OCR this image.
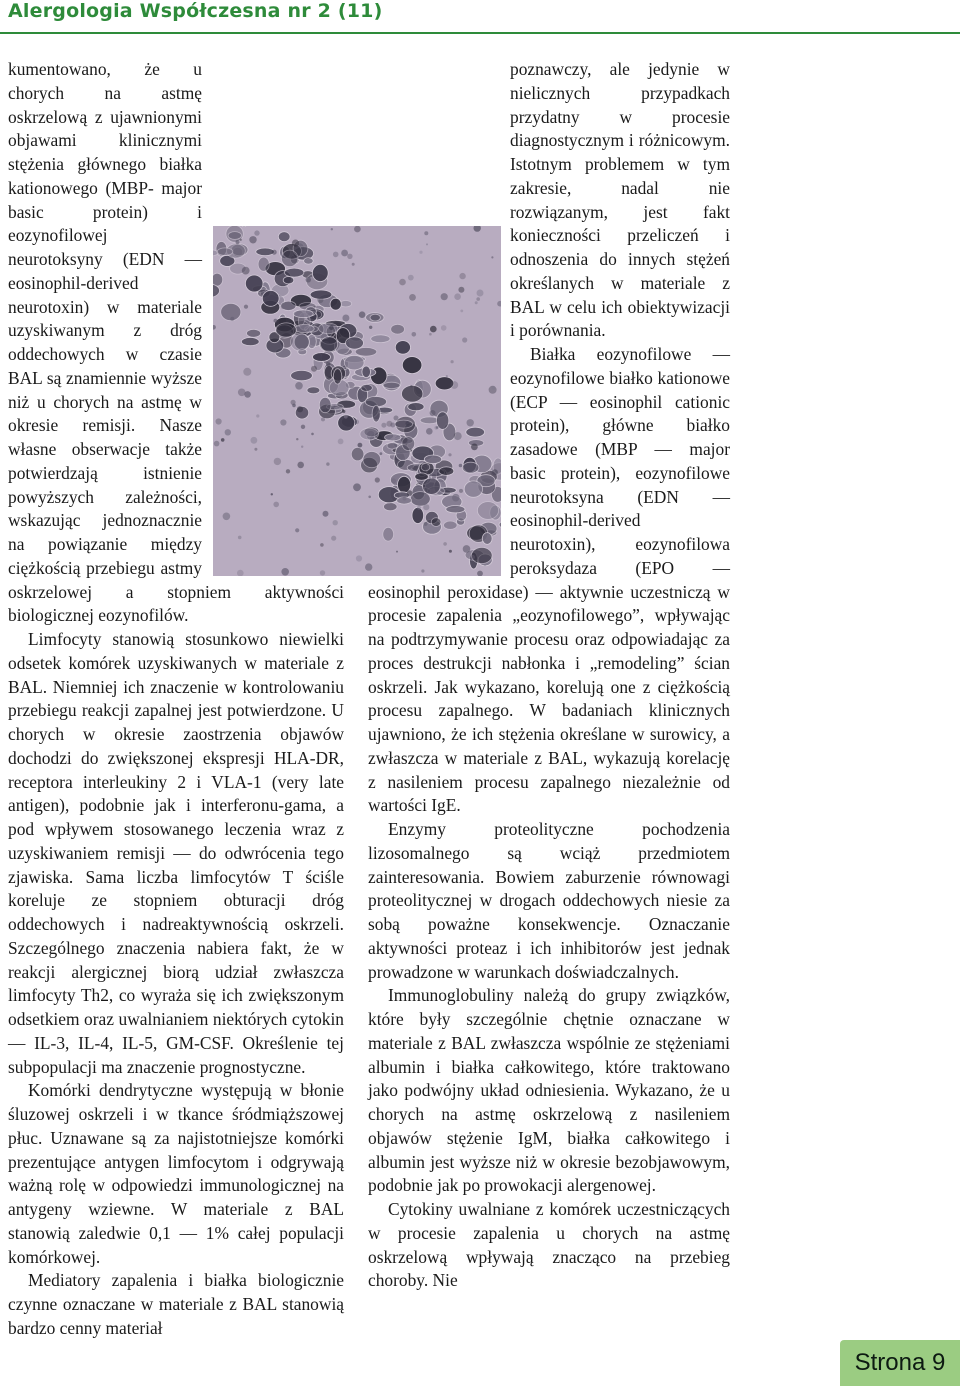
Alergologia Współczesna nr 2 (11)

kumentowano, że u chorych na astmę oskrzelową z ujawnionymi objawami klinicznymi stężenia głównego białka kationowego (MBP- major basic protein) i eozynofilowej neurotoksyny (EDN — eosinophil-derived neurotoxin) w materiale uzyskiwanym z dróg oddechowych w czasie BAL są znamiennie wyższe niż u chorych na astmę w okresie remisji. Nasze własne obserwacje także potwierdzają istnienie powyższych zależności, wskazując jednoznacznie na powiązanie między ciężkością przebiegu astmy oskrzelowej a stopniem aktywności biologicznej eozynofilów.

Limfocyty stanowią stosunkowo niewielki odsetek komórek uzyskiwanych w materiale z BAL. Niemniej ich znaczenie w kontrolowaniu przebiegu reakcji zapalnej jest potwierdzone. U chorych w okresie zaostrzenia objawów dochodzi do zwiększonej ekspresji HLA-DR, receptora interleukiny 2 i VLA-1 (very late antigen), podobnie jak i interferonu-gama, a pod wpływem stosowanego leczenia wraz z uzyskiwaniem remisji — do odwrócenia tego zjawiska. Sama liczba limfocytów T ściśle koreluje ze stopniem obturacji dróg oddechowych i nadreaktywnością oskrzeli. Szczególnego znaczenia nabiera fakt, że w reakcji alergicznej biorą udział zwłaszcza limfocyty Th2, co wyraża się ich zwiększonym odsetkiem oraz uwalnianiem niektórych cytokin — IL-3, IL-4, IL-5, GM-CSF. Określenie tej subpopulacji ma znaczenie prognostyczne.

Komórki dendrytyczne występują w błonie śluzowej oskrzeli i w tkance śródmiąższowej płuc. Uznawane są za najistotniejsze komórki prezentujące antygen limfocytom i odgrywają ważną rolę w odpowiedzi immunologicznej na antygeny wziewne. W materiale z BAL stanowią zaledwie 0,1 — 1% całej populacji komórkowej.

Mediatory zapalenia i białka biologicznie czynne oznaczane w materiale z BAL stanowią bardzo cenny materiał

poznawczy, ale jedynie w nielicznych przypadkach przydatny w procesie diagnostycznym i różnicowym. Istotnym problemem w tym zakresie, nadal nie rozwiązanym, jest fakt konieczności przeliczeń i odnoszenia do innych stężeń określanych w materiale z BAL w celu ich obiektywizacji i porównania.

Białka eozynofilowe — eozynofilowe białko kationowe (ECP — eosinophil cationic protein), główne białko zasadowe (MBP — major basic protein), eozynofilowe neurotoksyna (EDN — eosinophil-derived neurotoxin), eozynofilowa peroksydaza (EPO — eosinophil peroxidase) — aktywnie uczestniczą w procesie zapalenia „eozynofilowego”, wpływając na podtrzymywanie procesu oraz odpowiadając za proces destrukcji nabłonka i „remodeling” ścian oskrzeli. Jak wykazano, korelują one z ciężkością procesu zapalnego. W badaniach klinicznych ujawniono, że ich stężenia określane w surowicy, a zwłaszcza w materiale z BAL, wykazują korelację z nasileniem procesu zapalnego niezależnie od wartości IgE.

Enzymy proteolityczne pochodzenia lizosomalnego są wciąż przedmiotem zainteresowania. Bowiem zaburzenie równowagi proteolitycznej w drogach oddechowych niesie za sobą poważne konsekwencje. Oznaczanie aktywności proteaz i ich inhibitorów jest jednak prowadzone w warunkach doświadczalnych.

Immunoglobuliny należą do grupy związków, które były szczególnie chętnie oznaczane w materiale z BAL zwłaszcza wspólnie ze stężeniami albumin i białka całkowitego, które traktowano jako podwójny układ odniesienia. Wykazano, że u chorych na astmę oskrzelową z nasileniem objawów stężenie IgM, białka całkowitego i albumin jest wyższe niż w okresie bezobjawowym, podobnie jak po prowokacji alergenowej.

Cytokiny uwalniane z komórek uczestniczących w procesie zapalenia u chorych na astmę oskrzelową wpływają znacząco na przebieg choroby. Nie

Strona 9
